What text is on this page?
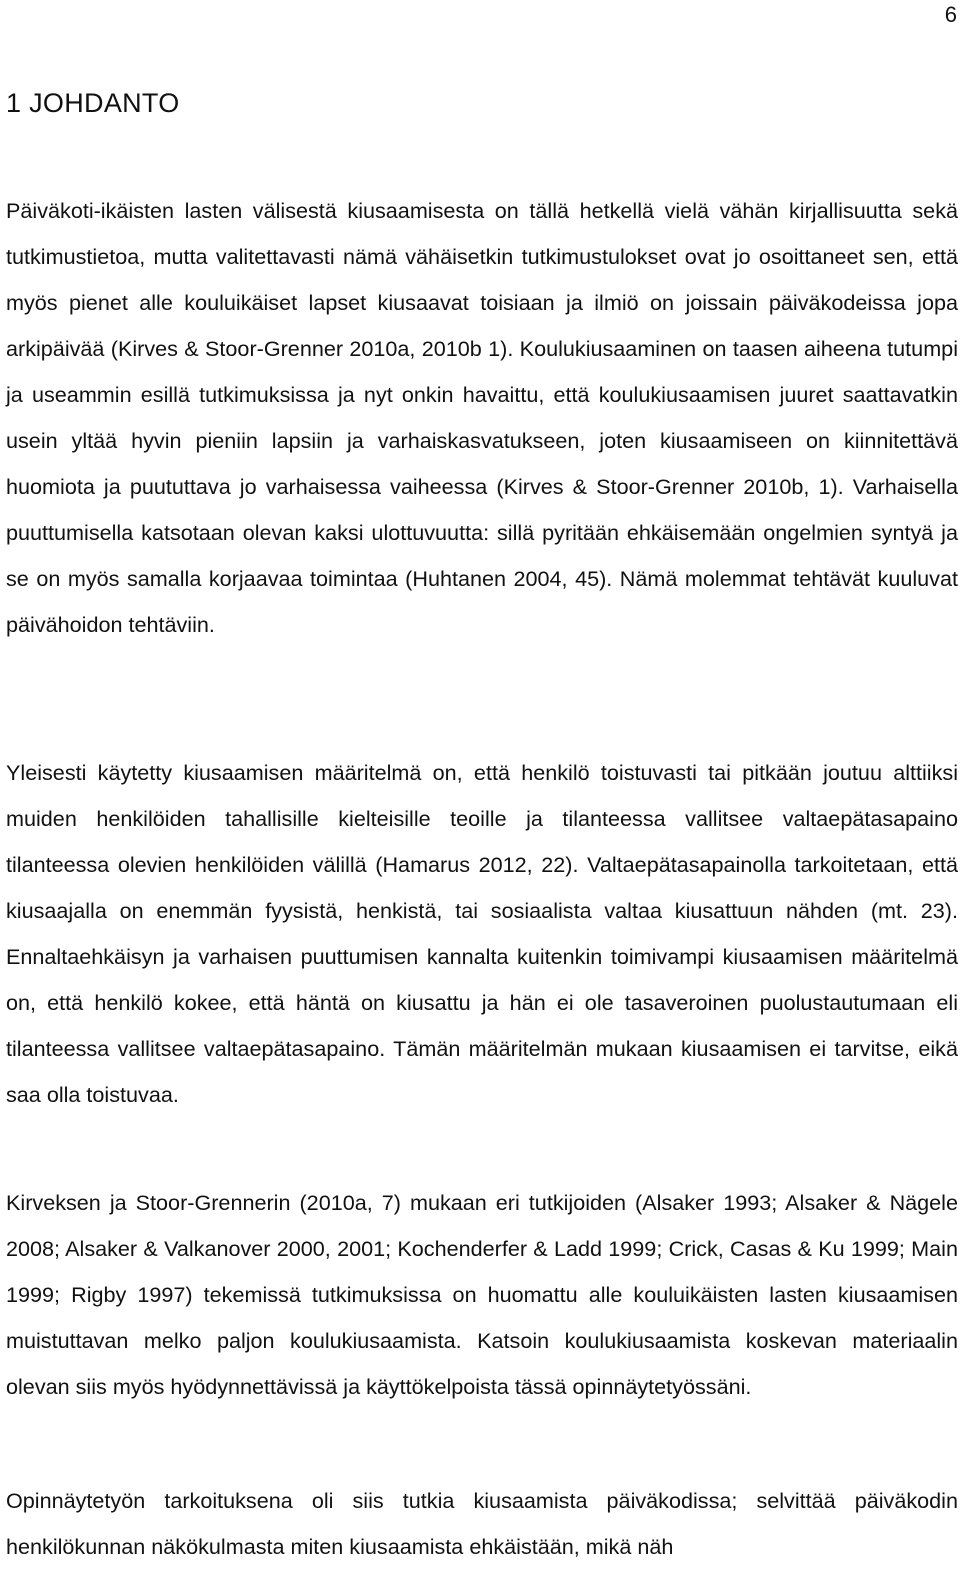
6
1 JOHDANTO

Päiväkoti-ikäisten lasten välisestä kiusaamisesta on tällä hetkellä vielä vähän kirjallisuutta sekä tutkimustietoa, mutta valitettavasti nämä vähäisetkin tutkimustulokset ovat jo osoittaneet sen, että myös pienet alle kouluikäiset lapset kiusaavat toisiaan ja ilmiö on joissain päiväkodeissa jopa arkipäivää (Kirves & Stoor-Grenner 2010a, 2010b 1). Koulukiusaaminen on taasen aiheena tutumpi ja useammin esillä tutkimuksissa ja nyt onkin havaittu, että koulukiusaamisen juuret saattavatkin usein yltää hyvin pieniin lapsiin ja varhaiskasvatukseen, joten kiusaamiseen on kiinnitettävä huomiota ja puututtava jo varhaisessa vaiheessa (Kirves & Stoor-Grenner 2010b, 1). Varhaisella puuttumisella katsotaan olevan kaksi ulottuvuutta: sillä pyritään ehkäisemään ongelmien syntyä ja se on myös samalla korjaavaa toimintaa (Huhtanen 2004, 45). Nämä molemmat tehtävät kuuluvat päivähoidon tehtäviin.

Yleisesti käytetty kiusaamisen määritelmä on, että henkilö toistuvasti tai pitkään joutuu alttiiksi muiden henkilöiden tahallisille kielteisille teoille ja tilanteessa vallitsee valtaepätasapaino tilanteessa olevien henkilöiden välillä (Hamarus 2012, 22). Valtaepätasapainolla tarkoitetaan, että kiusaajalla on enemmän fyysistä, henkistä, tai sosiaalista valtaa kiusattuun nähden (mt. 23). Ennaltaehkäisyn ja varhaisen puuttumisen kannalta kuitenkin toimivampi kiusaamisen määritelmä on, että henkilö kokee, että häntä on kiusattu ja hän ei ole tasaveroinen puolustautumaan eli tilanteessa vallitsee valtaepätasapaino. Tämän määritelmän mukaan kiusaamisen ei tarvitse, eikä saa olla toistuvaa.

Kirveksen ja Stoor-Grennerin (2010a, 7) mukaan eri tutkijoiden (Alsaker 1993; Alsaker & Nägele 2008; Alsaker & Valkanover 2000, 2001; Kochenderfer & Ladd 1999; Crick, Casas & Ku 1999; Main 1999; Rigby 1997) tekemissä tutkimuksissa on huomattu alle kouluikäisten lasten kiusaamisen muistuttavan melko paljon koulukiusaamista. Katsoin koulukiusaamista koskevan materiaalin olevan siis myös hyödynnettävissä ja käyttökelpoista tässä opinnäytetyössäni.

Opinnäytetyön tarkoituksena oli siis tutkia kiusaamista päiväkodissa; selvittää päiväkodin henkilökunnan näkökulmasta miten kiusaamista ehkäistään, mikä näh
